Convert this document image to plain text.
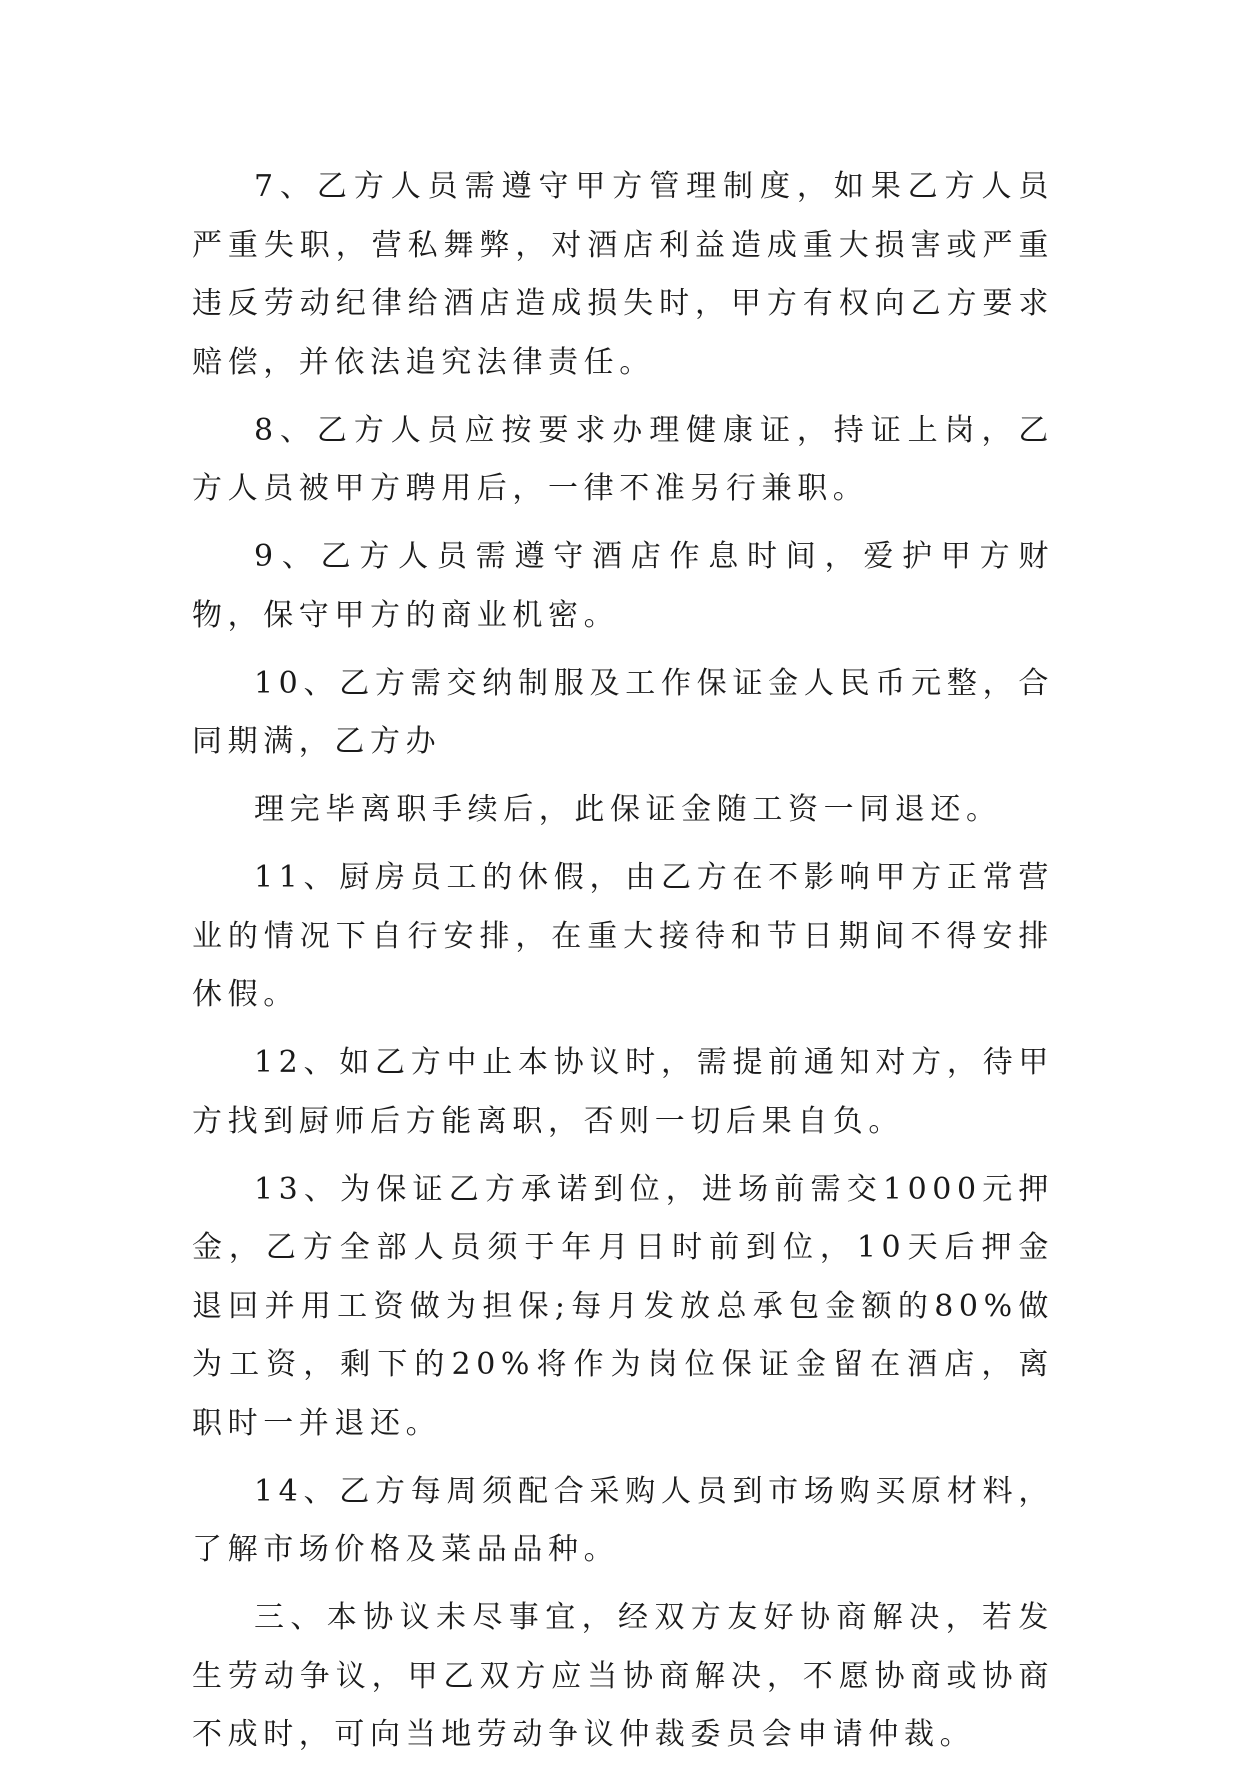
7、乙方人员需遵守甲方管理制度，如果乙方人员严重失职，营私舞弊，对酒店利益造成重大损害或严重违反劳动纪律给酒店造成损失时，甲方有权向乙方要求赔偿，并依法追究法律责任。

8、乙方人员应按要求办理健康证，持证上岗，乙方人员被甲方聘用后，一律不准另行兼职。

9、乙方人员需遵守酒店作息时间，爱护甲方财物，保守甲方的商业机密。

10、乙方需交纳制服及工作保证金人民币元整，合同期满，乙方办

理完毕离职手续后，此保证金随工资一同退还。

11、厨房员工的休假，由乙方在不影响甲方正常营业的情况下自行安排，在重大接待和节日期间不得安排休假。

12、如乙方中止本协议时，需提前通知对方，待甲方找到厨师后方能离职，否则一切后果自负。

13、为保证乙方承诺到位，进场前需交1000元押金，乙方全部人员须于年月日时前到位，10天后押金退回并用工资做为担保;每月发放总承包金额的80%做为工资，剩下的20%将作为岗位保证金留在酒店，离职时一并退还。

14、乙方每周须配合采购人员到市场购买原材料，了解市场价格及菜品品种。

三、本协议未尽事宜，经双方友好协商解决，若发生劳动争议，甲乙双方应当协商解决，不愿协商或协商不成时，可向当地劳动争议仲裁委员会申请仲裁。
